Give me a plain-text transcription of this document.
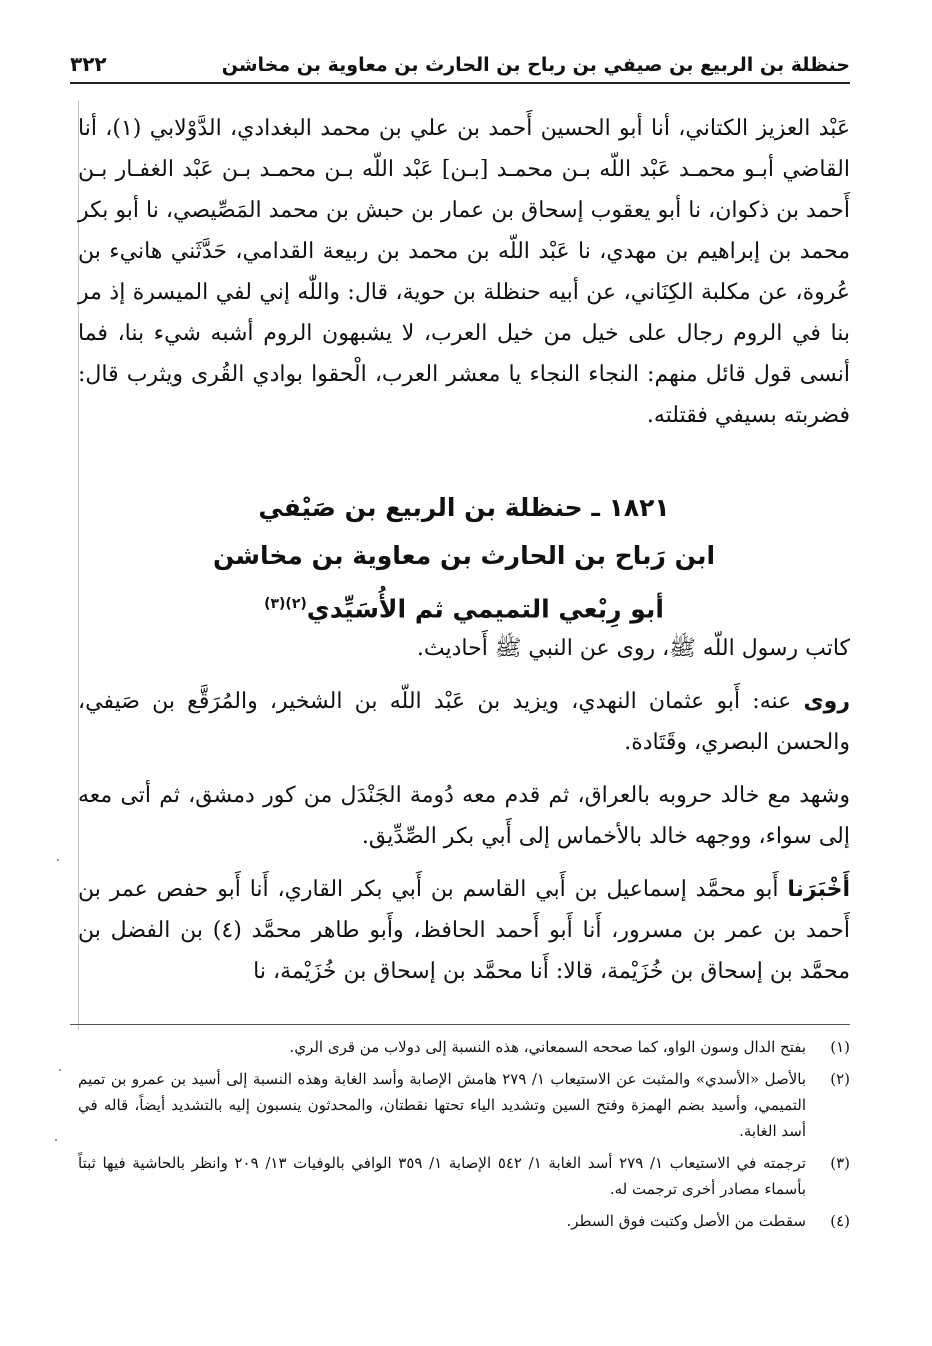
حنظلة بن الربيع بن صيفي بن رباح بن الحارث بن معاوية بن مخاشن
٣٢٢

عَبْد العزيز الكتاني، أنا أبو الحسين أَحمد بن علي بن محمد البغدادي، الدَّوْلابي (١)، أنا القاضي أبـو محمـد عَبْد اللّه بـن محمـد [بـن] عَبْد اللّه بـن محمـد بـن عَبْد الغفـار بـن أَحمد بن ذكوان، نا أبو يعقوب إسحاق بن عمار بن حبش بن محمد المَصِّيصي، نا أبو بكر محمد بن إبراهيم بن مهدي، نا عَبْد اللّه بن محمد بن ربيعة القدامي، حَدَّثَني هانيء بن عُروة، عن مكلبة الكِنَاني، عن أبيه حنظلة بن حوية، قال: واللّٰه إني لفي الميسرة إذ مر بنا في الروم رجال على خيل من خيل العرب، لا يشبهون الروم أشبه شيء بنا، فما أنسى قول قائل منهم: النجاء النجاء يا معشر العرب، الْحقوا بوادي القُرى ويثرب قال: فضربته بسيفي فقتلته.

١٨٢١ ـ حنظلة بن الربيع بن صَيْفي

ابن رَباح بن الحارث بن معاوية بن مخاشن

أبو رِبْعي التميمي ثم الأُسَيِّدي$^{(٢)(٣)}$

كاتب رسول اللّه ﷺ، روى عن النبي ﷺ أَحاديث.

روى عنه: أَبو عثمان النهدي، ويزيد بن عَبْد اللّه بن الشخير، والمُرَقَّع بن صَيفي، والحسن البصري، وقَتَادة.

وشهد مع خالد حروبه بالعراق، ثم قدم معه دُومة الجَنْدَل من كور دمشق، ثم أتى معه إلى سواء، ووجهه خالد بالأخماس إلى أَبي بكر الصِّدِّيق.

أَخْبَرَنا أَبو محمَّد إسماعيل بن أَبي القاسم بن أَبي بكر القاري، أَنا أَبو حفص عمر بن أَحمد بن عمر بن مسرور، أَنا أَبو أَحمد الحافظ، وأَبو طاهر محمَّد (٤) بن الفضل بن محمَّد بن إسحاق بن خُزَيْمة، قالا: أَنا محمَّد بن إسحاق بن خُزَيْمة، نا

(١)
بفتح الدال وسون الواو، كما صححه السمعاني، هذه النسبة إلى دولاب من قرى الري.
(٢)
بالأصل «الأسدي» والمثبت عن الاستيعاب ١/ ٢٧٩ هامش الإصابة وأسد الغابة وهذه النسبة إلى أسيد بن عمرو بن تميم التميمي، وأسيد بضم الهمزة وفتح السين وتشديد الياء تحتها نقطتان، والمحدثون ينسبون إليه بالتشديد أيضاً، قاله في أسد الغابة.
(٣)
ترجمته في الاستيعاب ١/ ٢٧٩ أسد الغابة ١/ ٥٤٢ الإصابة ١/ ٣٥٩ الوافي بالوفيات ١٣/ ٢٠٩ وانظر بالحاشية فيها ثبتاً بأسماء مصادر أخرى ترجمت له.
(٤)
سقطت من الأصل وكتبت فوق السطر.
